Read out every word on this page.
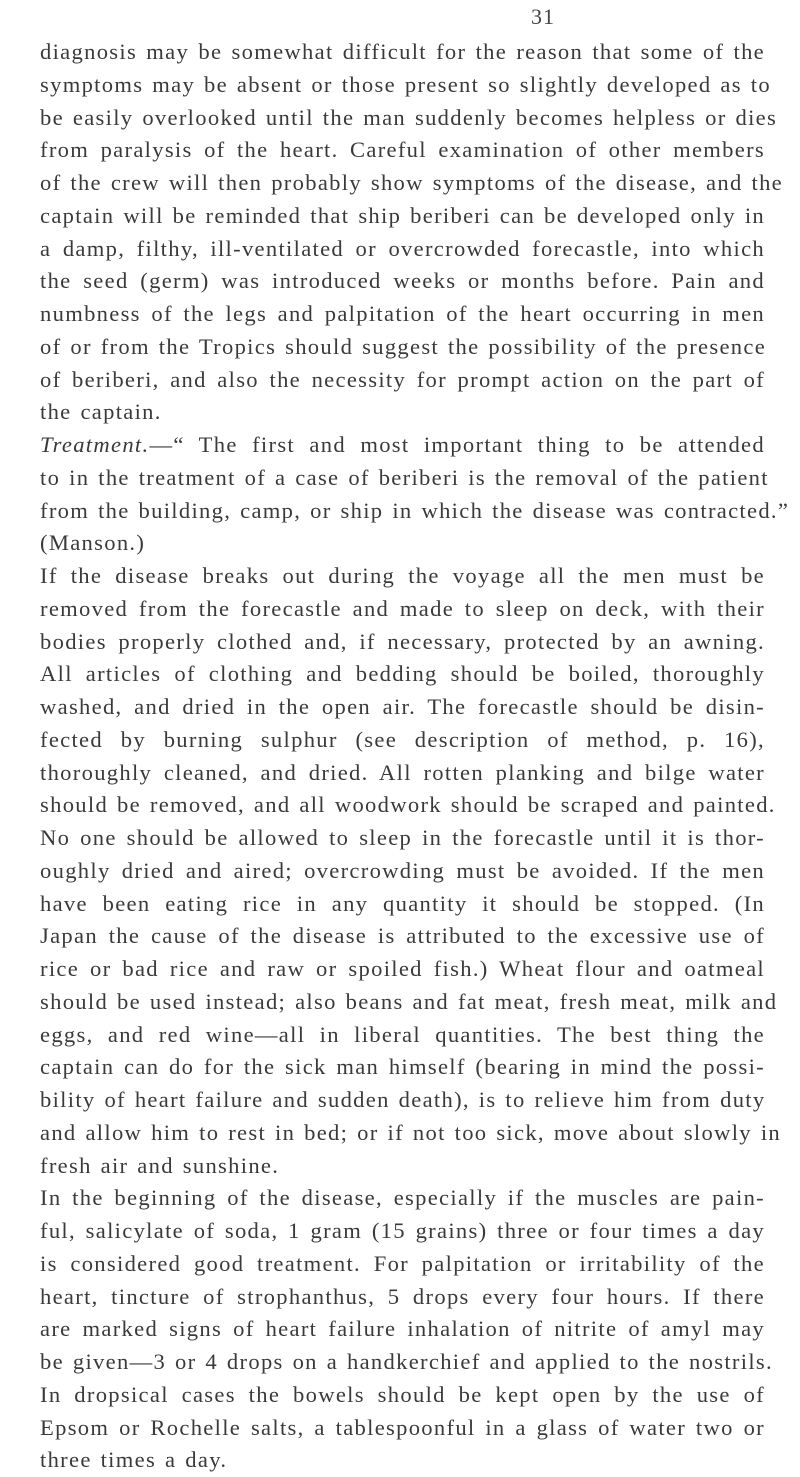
31
diagnosis may be somewhat difficult for the reason that some of the
symptoms may be absent or those present so slightly developed as to
be easily overlooked until the man suddenly becomes helpless or dies
from paralysis of the heart. Careful examination of other members
of the crew will then probably show symptoms of the disease, and the
captain will be reminded that ship beriberi can be developed only in
a damp, filthy, ill-ventilated or overcrowded forecastle, into which
the seed (germ) was introduced weeks or months before. Pain and
numbness of the legs and palpitation of the heart occurring in men
of or from the Tropics should suggest the possibility of the presence
of beriberi, and also the necessity for prompt action on the part of
the captain.
Treatment.—“ The first and most important thing to be attended
to in the treatment of a case of beriberi is the removal of the patient
from the building, camp, or ship in which the disease was contracted.”
(Manson.)
If the disease breaks out during the voyage all the men must be
removed from the forecastle and made to sleep on deck, with their
bodies properly clothed and, if necessary, protected by an awning.
All articles of clothing and bedding should be boiled, thoroughly
washed, and dried in the open air. The forecastle should be disin-
fected by burning sulphur (see description of method, p. 16),
thoroughly cleaned, and dried. All rotten planking and bilge water
should be removed, and all woodwork should be scraped and painted.
No one should be allowed to sleep in the forecastle until it is thor-
oughly dried and aired; overcrowding must be avoided. If the men
have been eating rice in any quantity it should be stopped. (In
Japan the cause of the disease is attributed to the excessive use of
rice or bad rice and raw or spoiled fish.) Wheat flour and oatmeal
should be used instead; also beans and fat meat, fresh meat, milk and
eggs, and red wine—all in liberal quantities. The best thing the
captain can do for the sick man himself (bearing in mind the possi-
bility of heart failure and sudden death), is to relieve him from duty
and allow him to rest in bed; or if not too sick, move about slowly in
fresh air and sunshine.
In the beginning of the disease, especially if the muscles are pain-
ful, salicylate of soda, 1 gram (15 grains) three or four times a day
is considered good treatment. For palpitation or irritability of the
heart, tincture of strophanthus, 5 drops every four hours. If there
are marked signs of heart failure inhalation of nitrite of amyl may
be given—3 or 4 drops on a handkerchief and applied to the nostrils.
In dropsical cases the bowels should be kept open by the use of
Epsom or Rochelle salts, a tablespoonful in a glass of water two or
three times a day.
